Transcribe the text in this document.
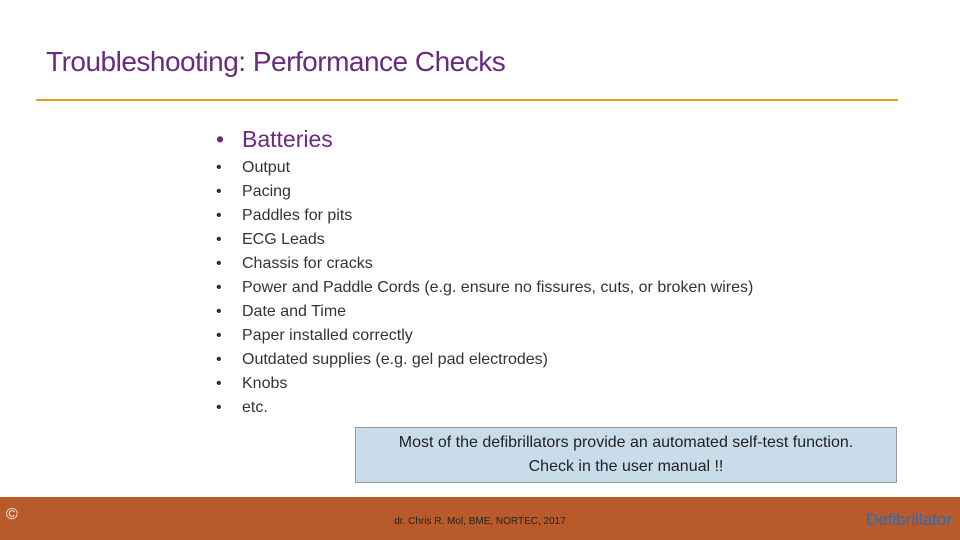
Troubleshooting: Performance Checks
• Batteries
• Output
• Pacing
• Paddles for pits
• ECG Leads
• Chassis for cracks
• Power and Paddle Cords (e.g. ensure no fissures, cuts, or broken wires)
• Date and Time
• Paper installed correctly
• Outdated supplies (e.g. gel pad electrodes)
• Knobs
• etc.
Most of the defibrillators provide an automated self-test function.
Check in the user manual !!
©	dr. Chris R. Mol, BME, NORTEC, 2017	Defibrillator
